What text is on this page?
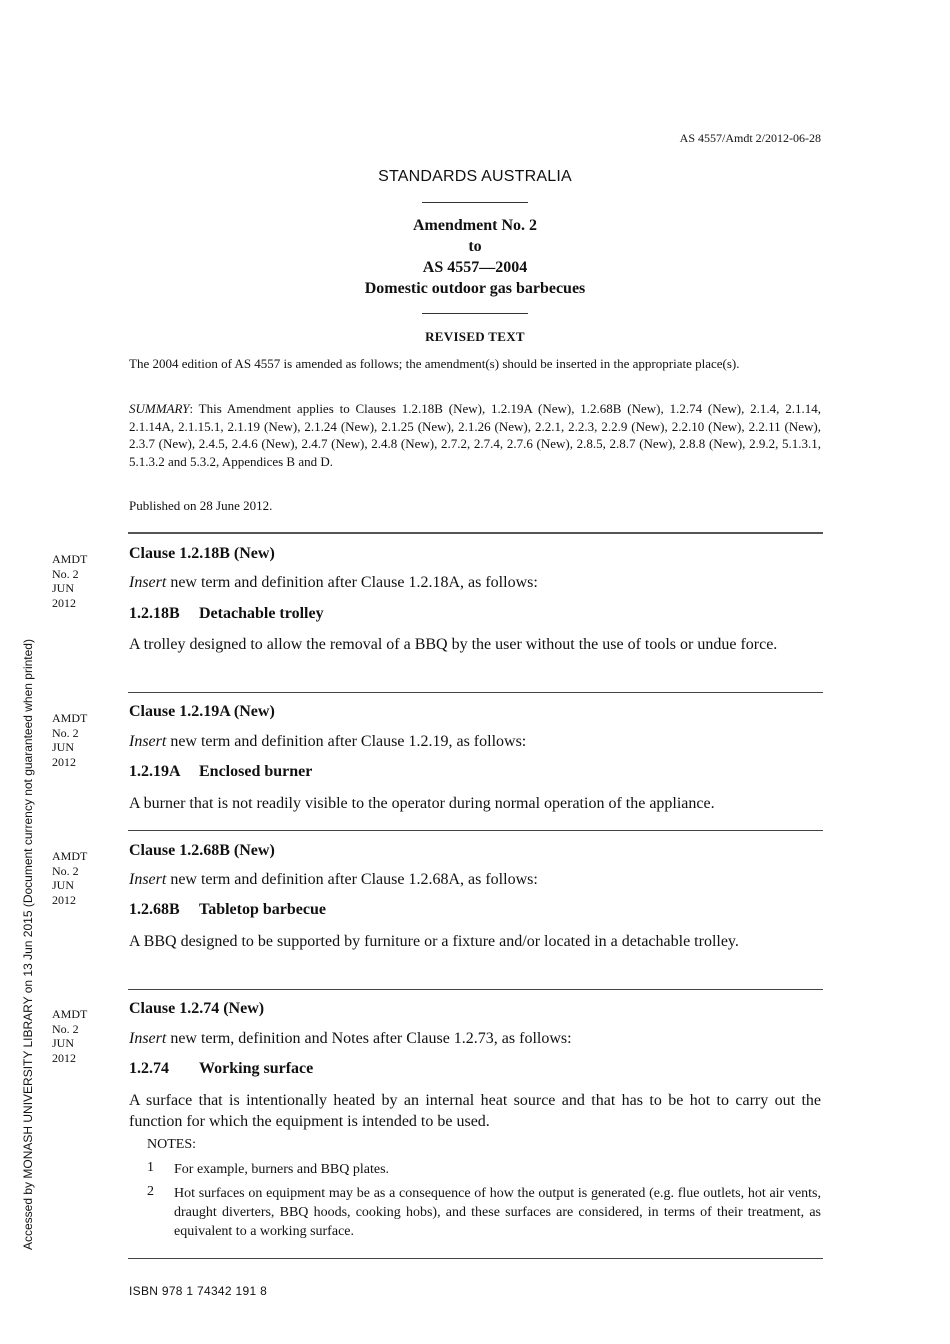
AS 4557/Amdt 2/2012-06-28
STANDARDS AUSTRALIA
Amendment No. 2
to
AS 4557—2004
Domestic outdoor gas barbecues
REVISED TEXT
The 2004 edition of AS 4557 is amended as follows; the amendment(s) should be inserted in the appropriate place(s).
SUMMARY: This Amendment applies to Clauses 1.2.18B (New), 1.2.19A (New), 1.2.68B (New), 1.2.74 (New), 2.1.4, 2.1.14, 2.1.14A, 2.1.15.1, 2.1.19 (New), 2.1.24 (New), 2.1.25 (New), 2.1.26 (New), 2.2.1, 2.2.3, 2.2.9 (New), 2.2.10 (New), 2.2.11 (New), 2.3.7 (New), 2.4.5, 2.4.6 (New), 2.4.7 (New), 2.4.8 (New), 2.7.2, 2.7.4, 2.7.6 (New), 2.8.5, 2.8.7 (New), 2.8.8 (New), 2.9.2, 5.1.3.1, 5.1.3.2 and 5.3.2, Appendices B and D.
Published on 28 June 2012.
AMDT
No. 2
JUN
2012
Clause 1.2.18B (New)
Insert new term and definition after Clause 1.2.18A, as follows:
1.2.18B Detachable trolley
A trolley designed to allow the removal of a BBQ by the user without the use of tools or undue force.
AMDT
No. 2
JUN
2012
Clause 1.2.19A (New)
Insert new term and definition after Clause 1.2.19, as follows:
1.2.19A Enclosed burner
A burner that is not readily visible to the operator during normal operation of the appliance.
AMDT
No. 2
JUN
2012
Clause 1.2.68B (New)
Insert new term and definition after Clause 1.2.68A, as follows:
1.2.68B Tabletop barbecue
A BBQ designed to be supported by furniture or a fixture and/or located in a detachable trolley.
AMDT
No. 2
JUN
2012
Clause 1.2.74 (New)
Insert new term, definition and Notes after Clause 1.2.73, as follows:
1.2.74 Working surface
A surface that is intentionally heated by an internal heat source and that has to be hot to carry out the function for which the equipment is intended to be used.
NOTES:
1 For example, burners and BBQ plates.
2 Hot surfaces on equipment may be as a consequence of how the output is generated (e.g. flue outlets, hot air vents, draught diverters, BBQ hoods, cooking hobs), and these surfaces are considered, in terms of their treatment, as equivalent to a working surface.
ISBN 978 1 74342 191 8
Accessed by MONASH UNIVERSITY LIBRARY on 13 Jun 2015 (Document currency not guaranteed when printed)
